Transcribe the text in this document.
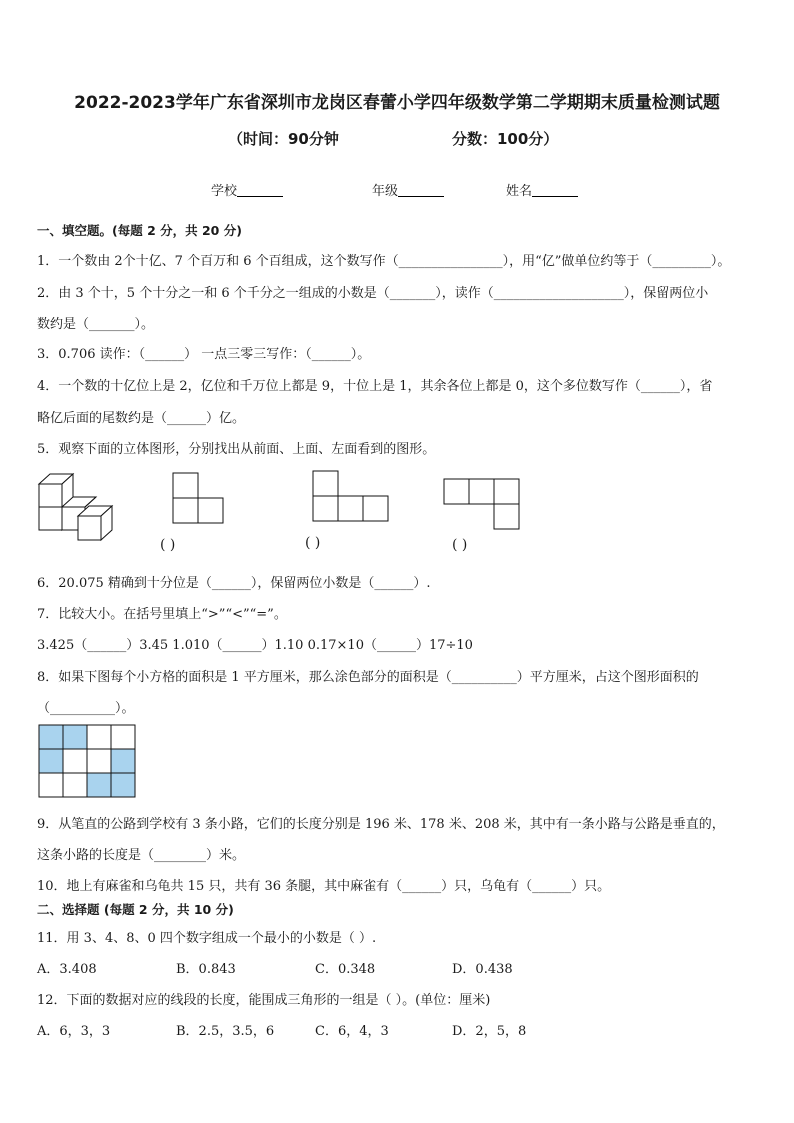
2022-2023学年广东省深圳市龙岗区春蕾小学四年级数学第二学期期末质量检测试题
（时间：90分钟	分数：100分）
学校	年级	姓名
一、填空题。(每题 2 分，共 20 分)
1．一个数由 2个十亿、7 个百万和 6 个百组成，这个数写作（________________），用“亿”做单位约等于（_________）。
2．由 3 个十，5 个十分之一和 6 个千分之一组成的小数是（_______），读作（____________________），保留两位小
数约是（_______）。
3．0.706 读作：（______） 一点三零三写作：（______）。
4．一个数的十亿位上是 2，亿位和千万位上都是 9，十位上是 1，其余各位上都是 0，这个多位数写作（______），省
略亿后面的尾数约是（______）亿。
5．观察下面的立体图形，分别找出从前面、上面、左面看到的图形。
( )	( )	( )
6．20.075 精确到十分位是（______），保留两位小数是（______）.
7．比较大小。在括号里填上“>”“<”“=”。
3.425（______）3.45 1.010（______）1.10 0.17×10（______）17÷10
8．如果下图每个小方格的面积是 1 平方厘米，那么涂色部分的面积是（__________）平方厘米，占这个图形面积的
（__________）。
9．从笔直的公路到学校有 3 条小路，它们的长度分别是 196 米、178 米、208 米，其中有一条小路与公路是垂直的，
这条小路的长度是（________）米。
10．地上有麻雀和乌龟共 15 只，共有 36 条腿，其中麻雀有（______）只，乌龟有（______）只。
二、选择题 (每题 2 分，共 10 分)
11．用 3、4、8、0 四个数字组成一个最小的小数是（ ）.
A．3.408	B．0.843	C．0.348	D．0.438
12．下面的数据对应的线段的长度，能围成三角形的一组是（ ）。(单位：厘米)
A．6，3，3	B．2.5，3.5，6	C．6，4，3	D．2，5，8
